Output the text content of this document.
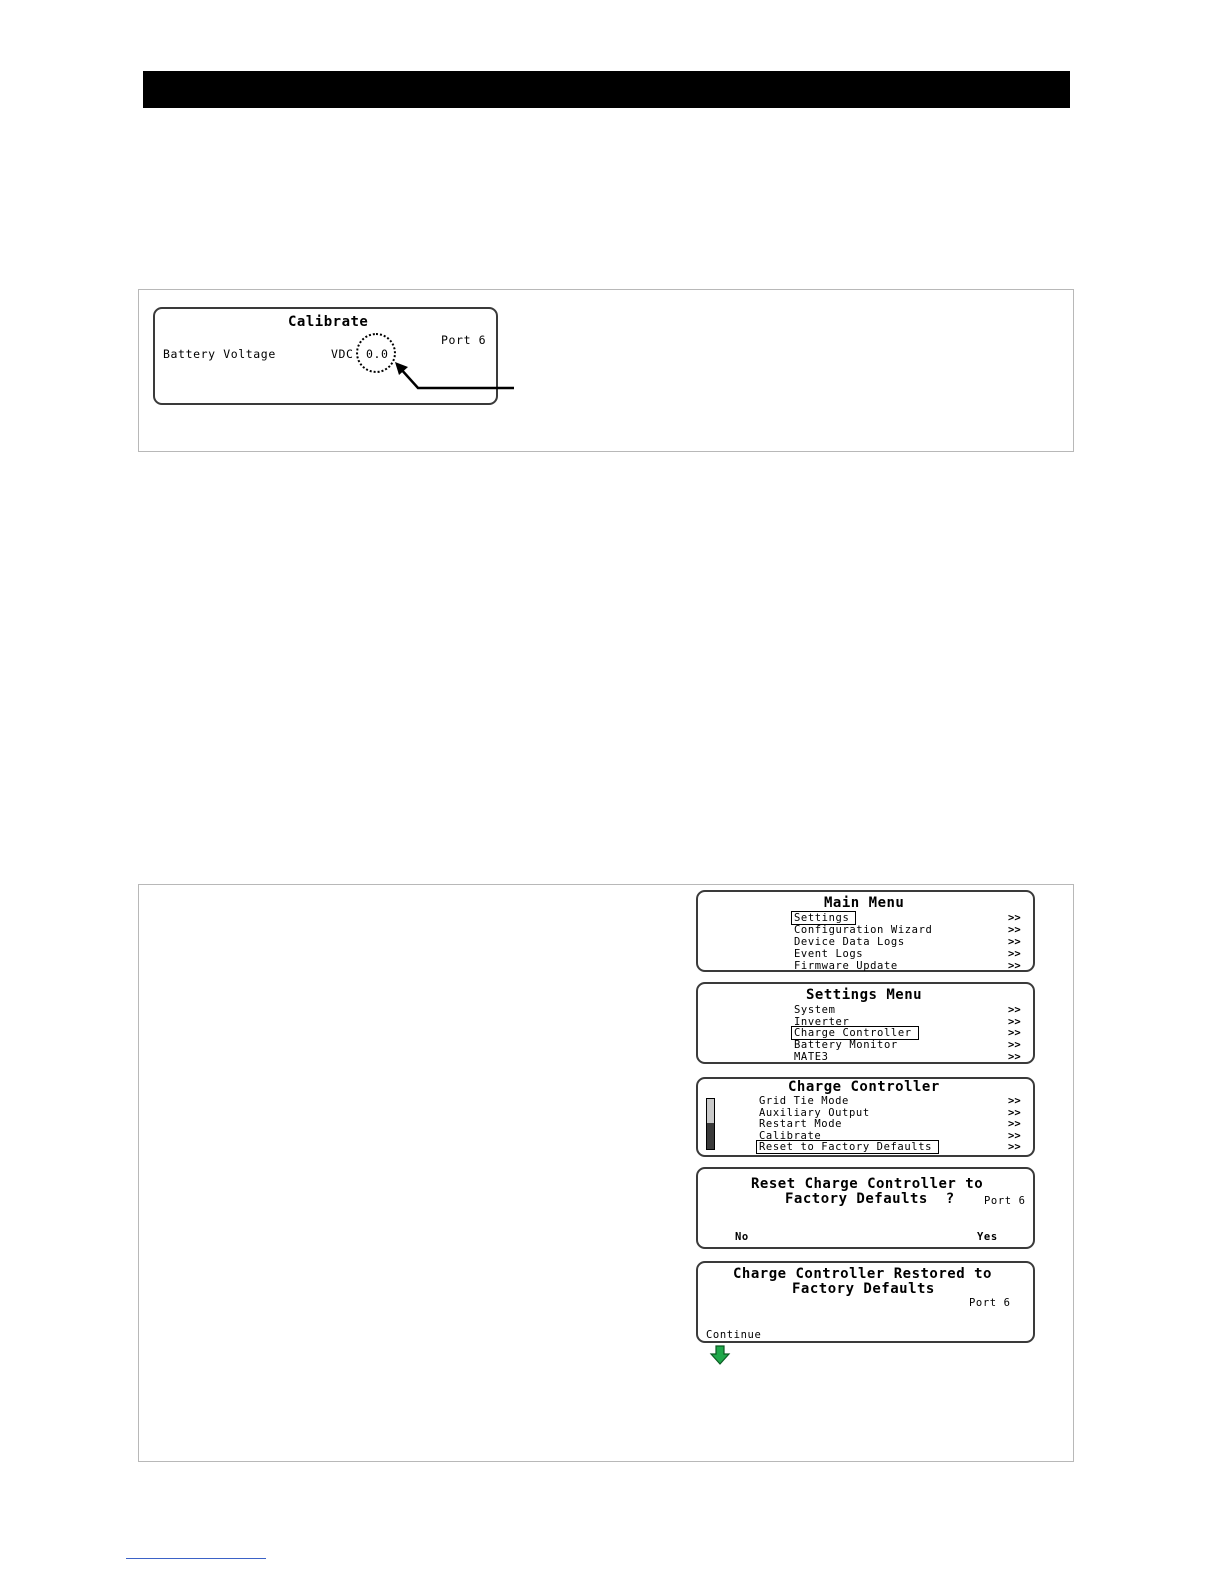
Calibrate
Port 6
Battery Voltage	VDC 0.0
Main Menu
Settings
Configuration Wizard
Device Data Logs
Event Logs
Firmware Update
>>
>>
>>
>>
>>
Settings Menu
System
Inverter
Charge Controller
Battery Monitor
MATE3
>>
>>
>>
>>
>>
Charge Controller
Grid Tie Mode
Auxiliary Output
Restart Mode
Calibrate
Reset to Factory Defaults
>>
>>
>>
>>
>>
Reset Charge Controller to
Factory Defaults  ?	Port 6
No	Yes
Charge Controller Restored to
Factory Defaults
Port 6
Continue
